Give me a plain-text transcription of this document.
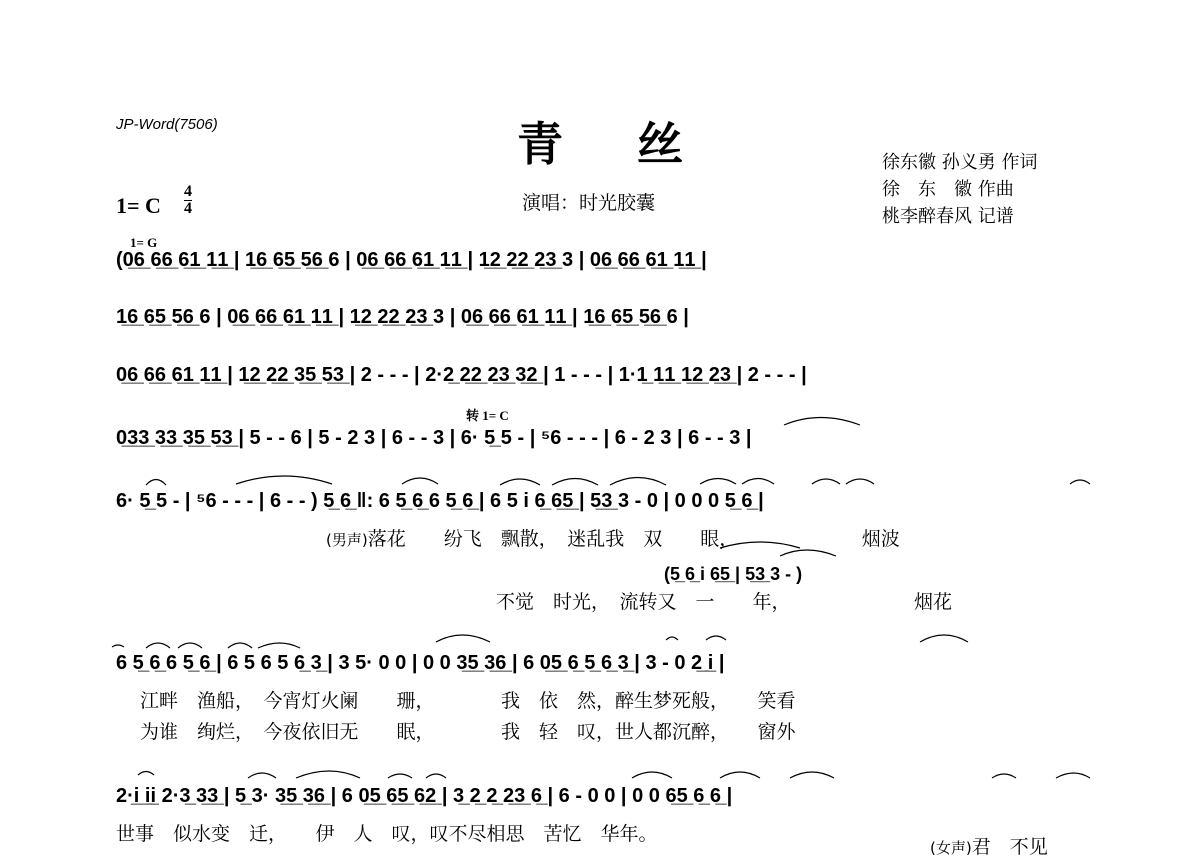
JP-Word(7506)	青丝
1= C
4
4	演唱：时光胶囊
徐东徽 孙义勇 作词
徐　东　徽 作曲
桃李醉春风 记谱
1= G
转 1= C
(0̲6̲ 6̲6̲ 6̲1̲ 1̲1̲ | 1̲6̲ 6̲5̲ 5̲6̲ 6 | 0̲6̲ 6̲6̲ 6̲1̲ 1̲1̲ | 1̲2̲ 2̲2̲ 2̲3̲ 3 | 0̲6̲ 6̲6̲ 6̲1̲ 1̲1̲ |
1̲6̲ 6̲5̲ 5̲6̲ 6 | 0̲6̲ 6̲6̲ 6̲1̲ 1̲1̲ | 1̲2̲ 2̲2̲ 2̲3̲ 3 | 0̲6̲ 6̲6̲ 6̲1̲ 1̲1̲ | 1̲6̲ 6̲5̲ 5̲6̲ 6 |
0̲6̲ 6̲6̲ 6̲1̲ 1̲1̲ | 1̲2̲ 2̲2̲ 3̲5̲ 5̲3̲ | 2 - - - | 2·2̲ 2̲2̲ 2̲3̲ 3̲2̲ | 1 - - - | 1·1̲ 1̲1̲ 1̲2̲ 2̲3̲ | 2 - - - |
0̲3̲3̲ 3̲3̲ 3̲5̲ 5̲3̲ | 5 - - 6 | 5 - 2 3 | 6 - - 3 | 6· 5̲ 5 - | ⁵6 - - - | 6 - 2 3 | 6 - - 3 |
6· 5̲ 5 - | ⁵6 - - - | 6 - - ) 5̲ 6̲ ‖: 6 5̲ 6̲ 6 5̲ 6̲ | 6 5 i 6̲ 6̲5̲ | 5̲3̲ 3 - 0 | 0 0 0 5̲ 6̲ |
(男声)落花　　纷飞　飘散，　迷乱我　双　　眼，　　　　　　　烟波
(5̲ 6̲ i 6̲5̲ | 5̲3̲ 3 - )
不觉　时光，　流转又　一　　年，　　　　　　　烟花
6 5̲ 6̲ 6 5̲ 6̲ | 6 5 6 5 6̲ 3̲ | 3 5· 0 0 | 0 0 3̲5̲ 3̲6̲ | 6 0̲5̲ 6̲ 5̲ 6̲ 3̲ | 3 - 0 2̲ i̲ |
江畔　渔船，　今宵灯火阑　　珊，　　　　我　依　然，醉生梦死般，　　笑看
为谁　绚烂，　今夜依旧无　　眠，　　　　我　轻　叹，世人都沉醉，　　窗外
2·i̲ i̲i̲ 2·3̲ 3̲3̲ | 5̲ 3· 3̲5̲ 3̲6̲ | 6 0̲5̲ 6̲5̲ 6̲2̲ | 3̲ 2̲ 2̲ 2̲3̲ 6̲ | 6 - 0 0 | 0 0 6̲5̲ 6̲ 6̲ |
世事　似水变　迁，　　伊　人　叹，叹不尽相思　苦忆　华年。
(女声)君　不见
